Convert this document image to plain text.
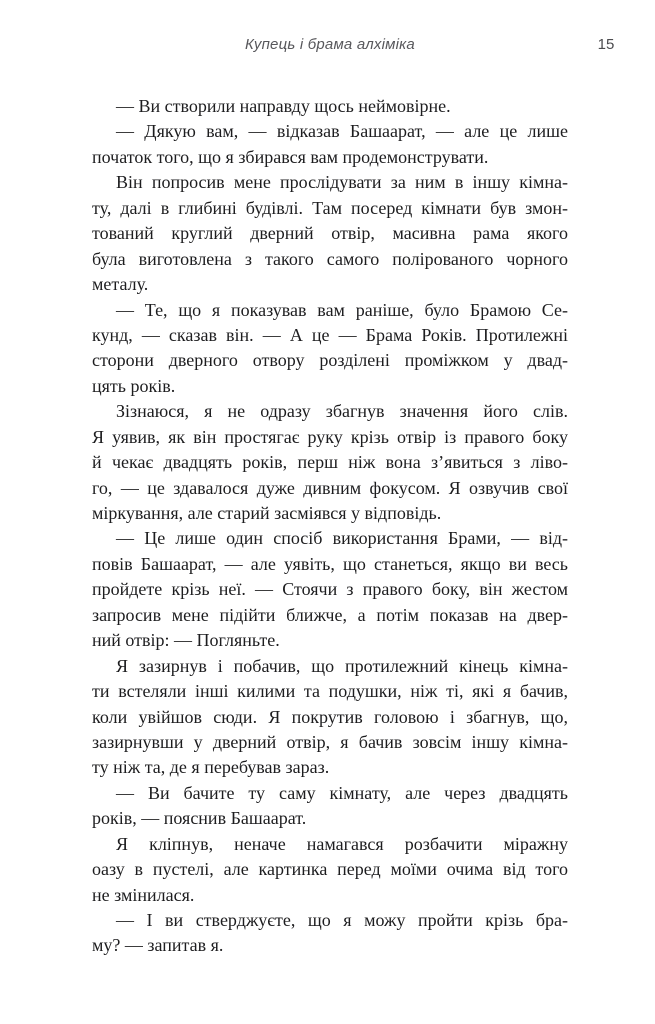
Купець і брама алхіміка	15
— Ви створили направду щось неймовірне.
— Дякую вам, — відказав Башаарат, — але це лише
початок того, що я збирався вам продемонструвати.
Він попросив мене прослідувати за ним в іншу кімна-
ту, далі в глибині будівлі. Там посеред кімнати був змон-
тований круглий дверний отвір, масивна рама якого
була виготовлена з такого самого полірованого чорного
металу.
— Те, що я показував вам раніше, було Брамою Се-
кунд, — сказав він. — А це — Брама Років. Протилежні
сторони дверного отвору розділені проміжком у двад-
цять років.
Зізнаюся, я не одразу збагнув значення його слів.
Я уявив, як він простягає руку крізь отвір із правого боку
й чекає двадцять років, перш ніж вона з’явиться з ліво-
го, — це здавалося дуже дивним фокусом. Я озвучив свої
міркування, але старий засміявся у відповідь.
— Це лише один спосіб використання Брами, — від-
повів Башаарат, — але уявіть, що станеться, якщо ви весь
пройдете крізь неї. — Стоячи з правого боку, він жестом
запросив мене підійти ближче, а потім показав на двер-
ний отвір: — Погляньте.
Я зазирнув і побачив, що протилежний кінець кімна-
ти встеляли інші килими та подушки, ніж ті, які я бачив,
коли увійшов сюди. Я покрутив головою і збагнув, що,
зазирнувши у дверний отвір, я бачив зовсім іншу кімна-
ту ніж та, де я перебував зараз.
— Ви бачите ту саму кімнату, але через двадцять
років, — пояснив Башаарат.
Я кліпнув, неначе намагався розбачити міражну
оазу в пустелі, але картинка перед моїми очима від того
не змінилася.
— І ви стверджуєте, що я можу пройти крізь бра-
му? — запитав я.
